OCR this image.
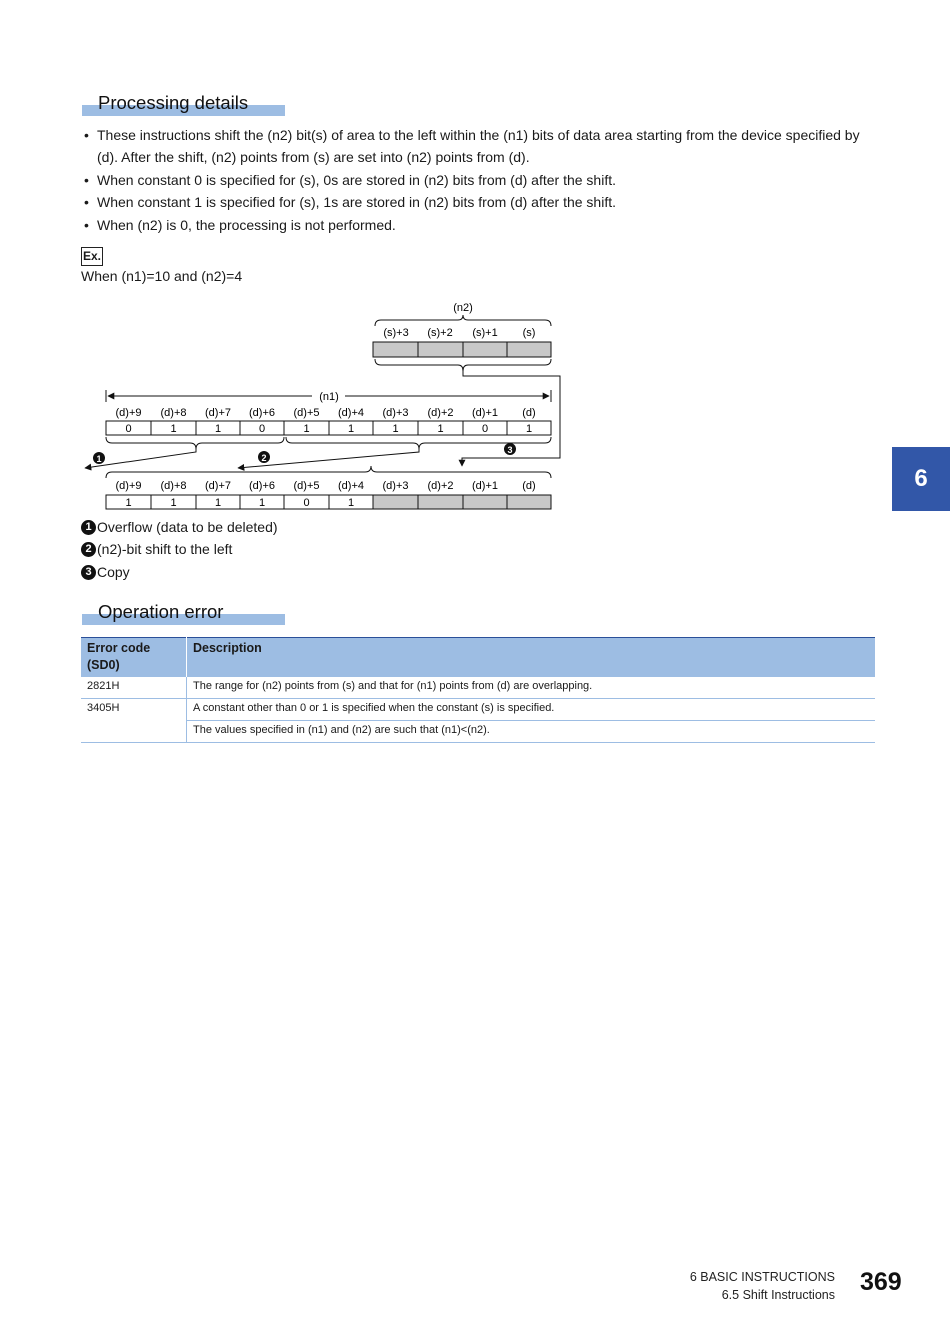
Processing details
• These instructions shift the (n2) bit(s) of area to the left within the (n1) bits of data area starting from the device specified by (d). After the shift, (n2) points from (s) are set into (n2) points from (d).
• When constant 0 is specified for (s), 0s are stored in (n2) bits from (d) after the shift.
• When constant 1 is specified for (s), 1s are stored in (n2) bits from (d) after the shift.
• When (n2) is 0, the processing is not performed.
Ex.
When (n1)=10 and (n2)=4
(n2)
(s)+3 (s)+2 (s)+1 (s)
(n1)
(d)+9 (d)+8 (d)+7 (d)+6 (d)+5 (d)+4 (d)+3 (d)+2 (d)+1 (d)
0	1	1	0	1	1	1	1	0	1
1	2
3
(d)+9 (d)+8 (d)+7 (d)+6 (d)+5 (d)+4 (d)+3 (d)+2 (d)+1 (d)
1	1	1	1	0	1
1 Overflow (data to be deleted)
2 (n2)-bit shift to the left
3 Copy
Operation error
Error code (SD0)	Description
2821H	The range for (n2) points from (s) and that for (n1) points from (d) are overlapping.
3405H	A constant other than 0 or 1 is specified when the constant (s) is specified.
	The values specified in (n1) and (n2) are such that (n1)<(n2).
6
6 BASIC INSTRUCTIONS
6.5 Shift Instructions 369
